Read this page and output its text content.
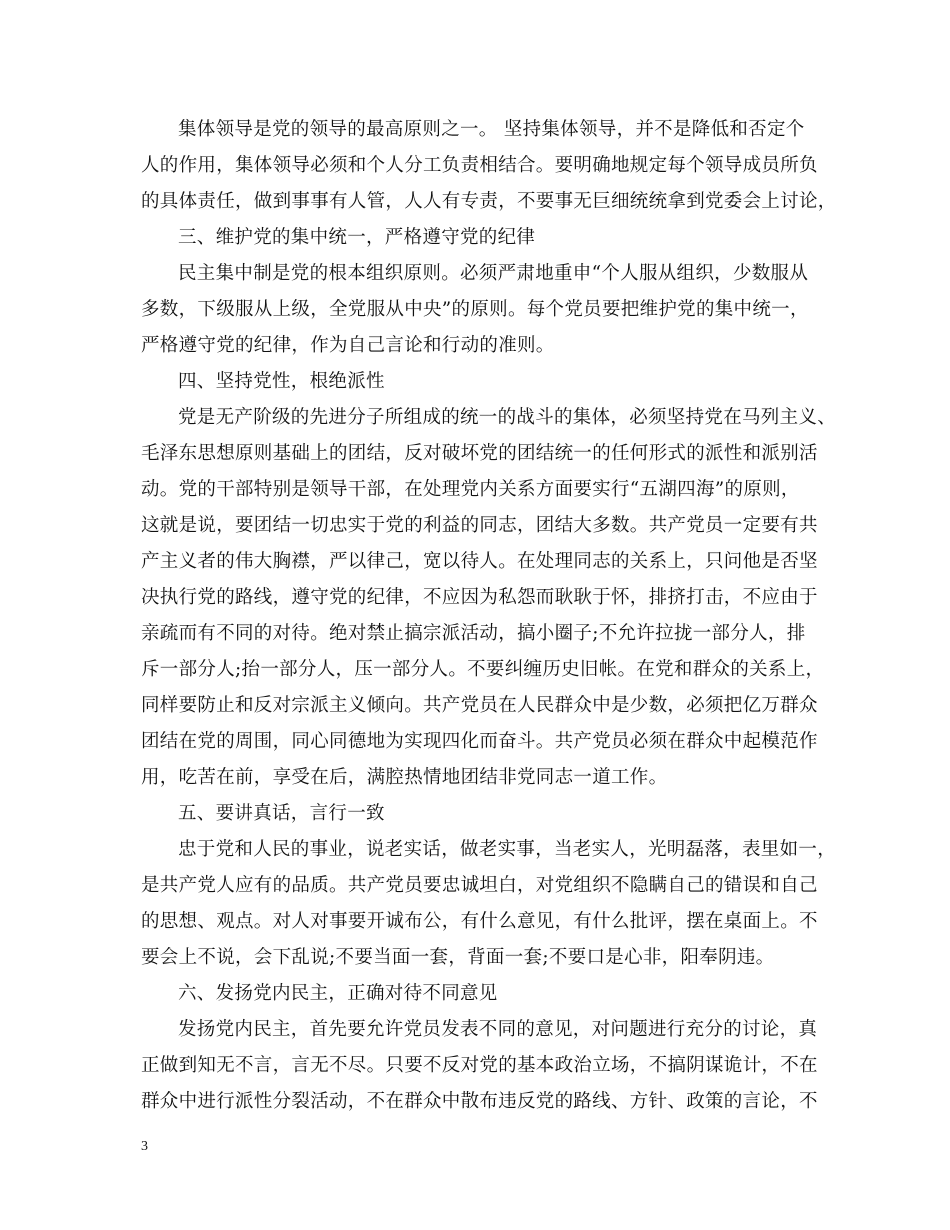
集体领导是党的领导的最高原则之一。 坚持集体领导，并不是降低和否定个
人的作用，集体领导必须和个人分工负责相结合。要明确地规定每个领导成员所负
的具体责任，做到事事有人管，人人有专责，不要事无巨细统统拿到党委会上讨论，
三、维护党的集中统一，严格遵守党的纪律
民主集中制是党的根本组织原则。必须严肃地重申“个人服从组织，少数服从
多数，下级服从上级，全党服从中央”的原则。每个党员要把维护党的集中统一，
严格遵守党的纪律，作为自己言论和行动的准则。
四、坚持党性，根绝派性
党是无产阶级的先进分子所组成的统一的战斗的集体，必须坚持党在马列主义、
毛泽东思想原则基础上的团结，反对破坏党的团结统一的任何形式的派性和派别活
动。党的干部特别是领导干部，在处理党内关系方面要实行“五湖四海”的原则，
这就是说，要团结一切忠实于党的利益的同志，团结大多数。共产党员一定要有共
产主义者的伟大胸襟，严以律己，宽以待人。在处理同志的关系上，只问他是否坚
决执行党的路线，遵守党的纪律，不应因为私怨而耿耿于怀，排挤打击，不应由于
亲疏而有不同的对待。绝对禁止搞宗派活动，搞小圈子;不允许拉拢一部分人，排
斥一部分人;抬一部分人，压一部分人。不要纠缠历史旧帐。在党和群众的关系上，
同样要防止和反对宗派主义倾向。共产党员在人民群众中是少数，必须把亿万群众
团结在党的周围，同心同德地为实现四化而奋斗。共产党员必须在群众中起模范作
用，吃苦在前，享受在后，满腔热情地团结非党同志一道工作。
五、要讲真话，言行一致
忠于党和人民的事业，说老实话，做老实事，当老实人，光明磊落，表里如一，
是共产党人应有的品质。共产党员要忠诚坦白，对党组织不隐瞒自己的错误和自己
的思想、观点。对人对事要开诚布公，有什么意见，有什么批评，摆在桌面上。不
要会上不说，会下乱说;不要当面一套，背面一套;不要口是心非，阳奉阴违。
六、发扬党内民主，正确对待不同意见
发扬党内民主，首先要允许党员发表不同的意见，对问题进行充分的讨论，真
正做到知无不言，言无不尽。只要不反对党的基本政治立场，不搞阴谋诡计，不在
群众中进行派性分裂活动，不在群众中散布违反党的路线、方针、政策的言论，不
3
